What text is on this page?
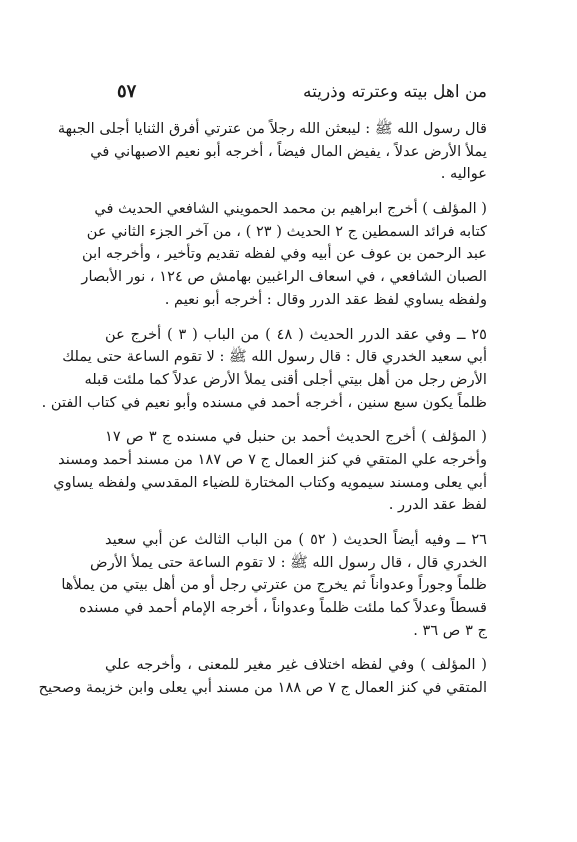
من اهل بيته وعترته وذريته
٥٧
قال رسول الله ﷺ : ليبعثن الله رجلاً من عترتي أفرق الثنايا أجلى الجبهة
يملأ الأرض عدلاً ، يفيض المال فيضاً ، أخرجه أبو نعيم الاصبهاني في
عواليه .
( المؤلف ) أخرج ابراهيم بن محمد الحمويني الشافعي الحديث في
كتابه فرائد السمطين ج ٢ الحديث ( ٢٣ ) ، من آخر الجزء الثاني عن
عبد الرحمن بن عوف عن أبيه وفي لفظه تقديم وتأخير ، وأخرجه ابن
الصبان الشافعي ، في اسعاف الراغبين بهامش ص ١٢٤ ، نور الأبصار
ولفظه يساوي لفظ عقد الدرر وقال : أخرجه أبو نعيم .
٢٥ ــ وفي عقد الدرر الحديث ( ٤٨ ) من الباب ( ٣ ) أخرج عن
أبي سعيد الخدري قال : قال رسول الله ﷺ : لا تقوم الساعة حتى يملك
الأرض رجل من أهل بيتي أجلى أقنى يملأ الأرض عدلاً كما ملئت قبله
ظلماً يكون سبع سنين ، أخرجه أحمد في مسنده وأبو نعيم في كتاب الفتن .
( المؤلف ) أخرج الحديث أحمد بن حنبل في مسنده ج ٣ ص ١٧
وأخرجه علي المتقي في كنز العمال ج ٧ ص ١٨٧ من مسند أحمد ومسند
أبي يعلى ومسند سيمويه وكتاب المختارة للضياء المقدسي ولفظه يساوي
لفظ عقد الدرر .
٢٦ ــ وفيه أيضاً الحديث ( ٥٢ ) من الباب الثالث عن أبي سعيد
الخدري قال ، قال رسول الله ﷺ : لا تقوم الساعة حتى يملأ الأرض
ظلماً وجوراً وعدواناً ثم يخرج من عترتي رجل أو من أهل بيتي من يملأها
قسطاً وعدلاً كما ملئت ظلماً وعدواناً ، أخرجه الإمام أحمد في مسنده
ج ٣ ص ٣٦ .
( المؤلف ) وفي لفظه اختلاف غير مغير للمعنى ، وأخرجه علي
المتقي في كنز العمال ج ٧ ص ١٨٨ من مسند أبي يعلى وابن خزيمة وصحيح
